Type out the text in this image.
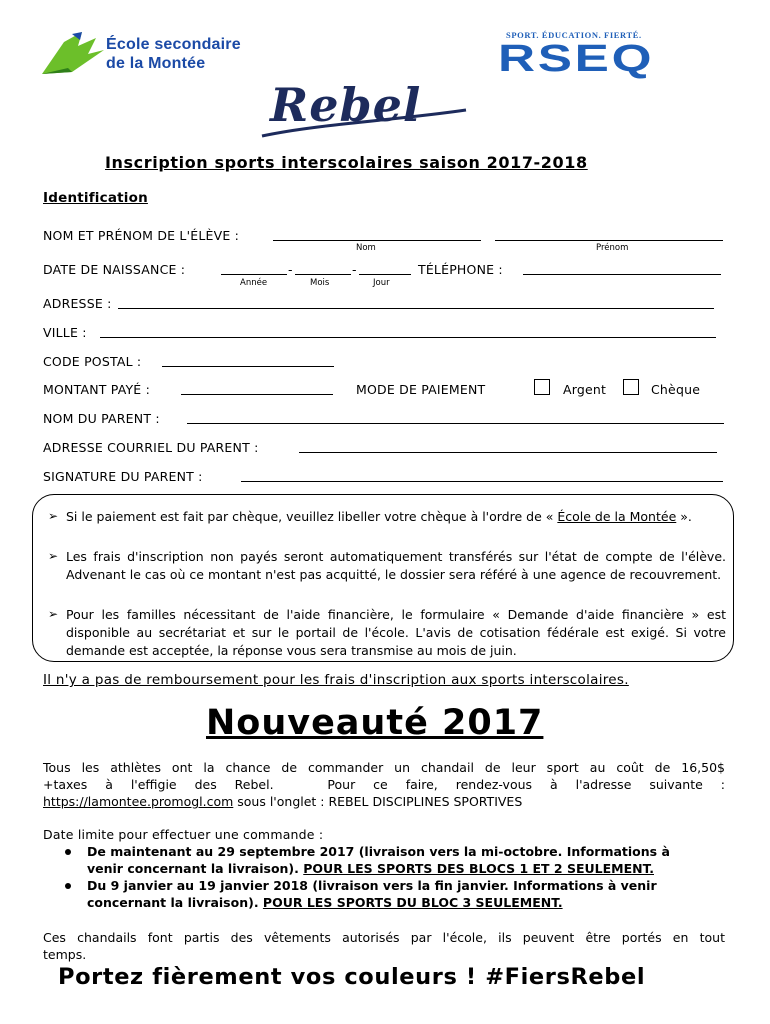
École secondaire
de la Montée
SPORT. ÉDUCATION. FIERTÉ.
RSEQ
Rebel
Inscription sports interscolaires saison 2017-2018
Identification
NOM ET PRÉNOM DE L'ÉLÈVE :
Nom	Prénom
DATE DE NAISSANCE :	-	-
Année	Mois	Jour
TÉLÉPHONE :
ADRESSE :
VILLE :
CODE POSTAL :
MONTANT PAYÉ :	MODE DE PAIEMENT	Argent	Chèque
NOM DU PARENT :
ADRESSE COURRIEL DU PARENT :
SIGNATURE DU PARENT :
➢ Si le paiement est fait par chèque, veuillez libeller votre chèque à l'ordre de « École de la Montée ».
➢ Les frais d'inscription non payés seront automatiquement transférés sur l'état de compte de l'élève. Advenant le cas où ce montant n'est pas acquitté, le dossier sera référé à une agence de recouvrement.
➢ Pour les familles nécessitant de l'aide financière, le formulaire « Demande d'aide financière » est disponible au secrétariat et sur le portail de l'école. L'avis de cotisation fédérale est exigé. Si votre demande est acceptée, la réponse vous sera transmise au mois de juin.
Il n'y a pas de remboursement pour les frais d'inscription aux sports interscolaires.
Nouveauté 2017
Tous les athlètes ont la chance de commander un chandail de leur sport au coût de 16,50$
+taxes à l'effigie des Rebel.   Pour ce faire, rendez-vous à l'adresse suivante :
https://lamontee.promogl.com sous l'onglet : REBEL DISCIPLINES SPORTIVES
Date limite pour effectuer une commande :
De maintenant au 29 septembre 2017 (livraison vers la mi-octobre. Informations à
venir concernant la livraison). POUR LES SPORTS DES BLOCS 1 ET 2 SEULEMENT.
Du 9 janvier au 19 janvier 2018 (livraison vers la fin janvier. Informations à venir
concernant la livraison). POUR LES SPORTS DU BLOC 3 SEULEMENT.
Ces chandails font partis des vêtements autorisés par l'école, ils peuvent être portés en tout
temps.
Portez fièrement vos couleurs ! #FiersRebel
